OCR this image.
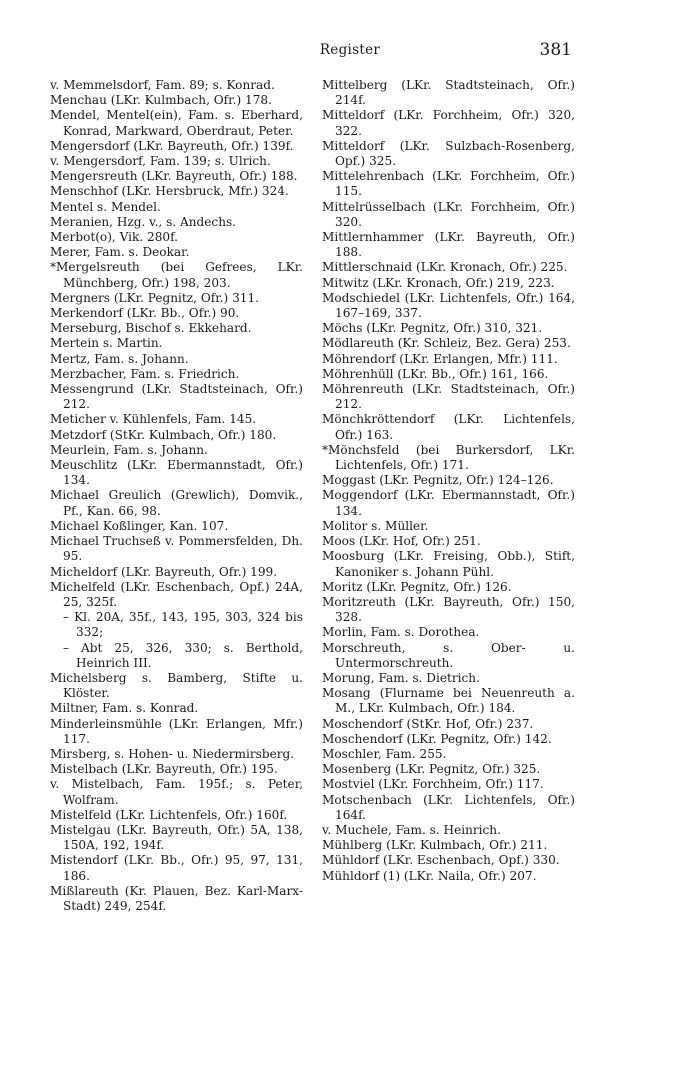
Register	381

v. Memmelsdorf, Fam. 89; s. Konrad.

Menchau (LKr. Kulmbach, Ofr.) 178.

Mendel, Mentel(ein), Fam. s. Eberhard, Konrad, Markward, Oberdraut, Peter.

Mengersdorf (LKr. Bayreuth, Ofr.) 139f.

v. Mengersdorf, Fam. 139; s. Ulrich.

Mengersreuth (LKr. Bayreuth, Ofr.) 188.

Menschhof (LKr. Hersbruck, Mfr.) 324.

Mentel s. Mendel.

Meranien, Hzg. v., s. Andechs.

Merbot(o), Vik. 280f.

Merer, Fam. s. Deokar.

*Mergelsreuth (bei Gefrees, LKr. Münchberg, Ofr.) 198, 203.

Mergners (LKr. Pegnitz, Ofr.) 311.

Merkendorf (LKr. Bb., Ofr.) 90.

Merseburg, Bischof s. Ekkehard.

Mertein s. Martin.

Mertz, Fam. s. Johann.

Merzbacher, Fam. s. Friedrich.

Messengrund (LKr. Stadtsteinach, Ofr.) 212.

Meticher v. Kühlenfels, Fam. 145.

Metzdorf (StKr. Kulmbach, Ofr.) 180.

Meurlein, Fam. s. Johann.

Meuschlitz (LKr. Ebermannstadt, Ofr.) 134.

Michael Greulich (Grewlich), Domvik., Pf., Kan. 66, 98.

Michael Koßlinger, Kan. 107.

Michael Truchseß v. Pommersfelden, Dh. 95.

Micheldorf (LKr. Bayreuth, Ofr.) 199.

Michelfeld (LKr. Eschenbach, Opf.) 24A, 25, 325f.

– Kl. 20A, 35f., 143, 195, 303, 324 bis 332;

– Abt 25, 326, 330; s. Berthold, Heinrich III.

Michelsberg s. Bamberg, Stifte u. Klöster.

Miltner, Fam. s. Konrad.

Minderleinsmühle (LKr. Erlangen, Mfr.) 117.

Mirsberg, s. Hohen- u. Niedermirsberg.

Mistelbach (LKr. Bayreuth, Ofr.) 195.

v. Mistelbach, Fam. 195f.; s. Peter, Wolfram.

Mistelfeld (LKr. Lichtenfels, Ofr.) 160f.

Mistelgau (LKr. Bayreuth, Ofr.) 5A, 138, 150A, 192, 194f.

Mistendorf (LKr. Bb., Ofr.) 95, 97, 131, 186.

Mißlareuth (Kr. Plauen, Bez. Karl-Marx-Stadt) 249, 254f.

Mittelberg (LKr. Stadtsteinach, Ofr.) 214f.

Mitteldorf (LKr. Forchheim, Ofr.) 320, 322.

Mitteldorf (LKr. Sulzbach-Rosenberg, Opf.) 325.

Mittelehrenbach (LKr. Forchheim, Ofr.) 115.

Mittelrüsselbach (LKr. Forchheim, Ofr.) 320.

Mittlernhammer (LKr. Bayreuth, Ofr.) 188.

Mittlerschnaid (LKr. Kronach, Ofr.) 225.

Mitwitz (LKr. Kronach, Ofr.) 219, 223.

Modschiedel (LKr. Lichtenfels, Ofr.) 164, 167–169, 337.

Möchs (LKr. Pegnitz, Ofr.) 310, 321.

Mödlareuth (Kr. Schleiz, Bez. Gera) 253.

Möhrendorf (LKr. Erlangen, Mfr.) 111.

Möhrenhüll (LKr. Bb., Ofr.) 161, 166.

Möhrenreuth (LKr. Stadtsteinach, Ofr.) 212.

Mönchkröttendorf (LKr. Lichtenfels, Ofr.) 163.

*Mönchsfeld (bei Burkersdorf, LKr. Lichtenfels, Ofr.) 171.

Moggast (LKr. Pegnitz, Ofr.) 124–126.

Moggendorf (LKr. Ebermannstadt, Ofr.) 134.

Molitor s. Müller.

Moos (LKr. Hof, Ofr.) 251.

Moosburg (LKr. Freising, Obb.), Stift, Kanoniker s. Johann Pühl.

Moritz (LKr. Pegnitz, Ofr.) 126.

Moritzreuth (LKr. Bayreuth, Ofr.) 150, 328.

Morlin, Fam. s. Dorothea.

Morschreuth, s. Ober- u. Untermorschreuth.

Morung, Fam. s. Dietrich.

Mosang (Flurname bei Neuenreuth a. M., LKr. Kulmbach, Ofr.) 184.

Moschendorf (StKr. Hof, Ofr.) 237.

Moschendorf (LKr. Pegnitz, Ofr.) 142.

Moschler, Fam. 255.

Mosenberg (LKr. Pegnitz, Ofr.) 325.

Mostviel (LKr. Forchheim, Ofr.) 117.

Motschenbach (LKr. Lichtenfels, Ofr.) 164f.

v. Muchele, Fam. s. Heinrich.

Mühlberg (LKr. Kulmbach, Ofr.) 211.

Mühldorf (LKr. Eschenbach, Opf.) 330.

Mühldorf (1) (LKr. Naila, Ofr.) 207.
